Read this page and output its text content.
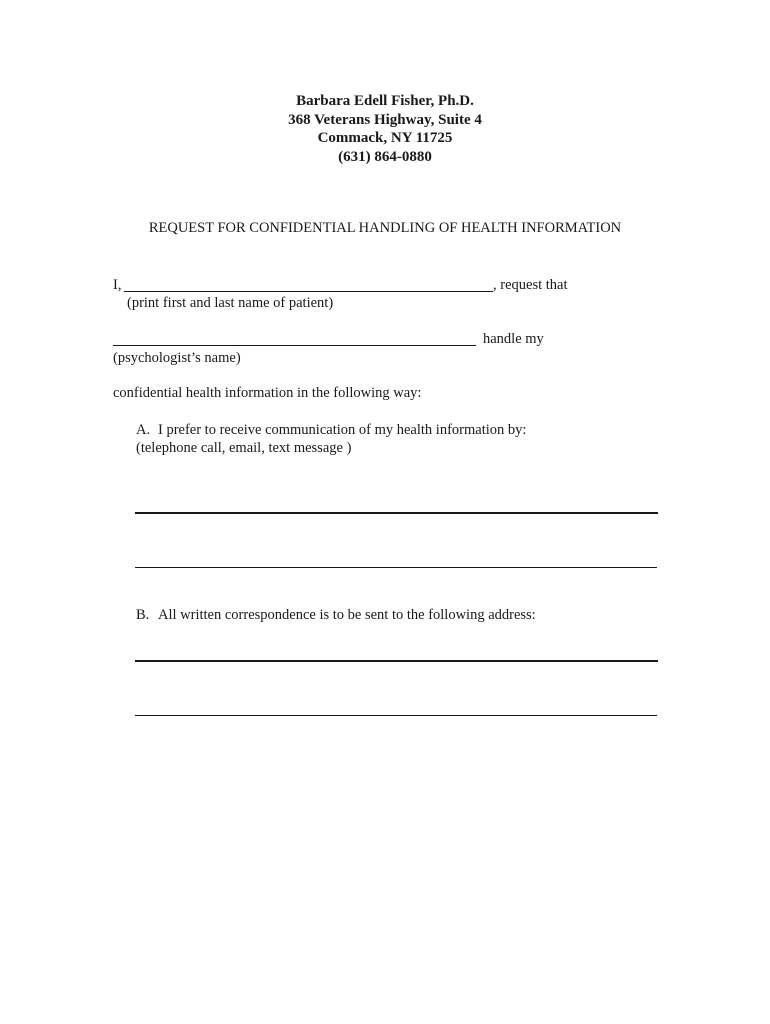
Barbara Edell Fisher, Ph.D.
368 Veterans Highway, Suite 4
Commack, NY 11725
(631) 864-0880
REQUEST FOR CONFIDENTIAL HANDLING OF HEALTH INFORMATION
I,	, request that
(print first and last name of patient)
handle my
(psychologist’s name)
confidential health information in the following way:
A. I prefer to receive communication of my health information by:
(telephone call, email, text message )
B. All written correspondence is to be sent to the following address:
